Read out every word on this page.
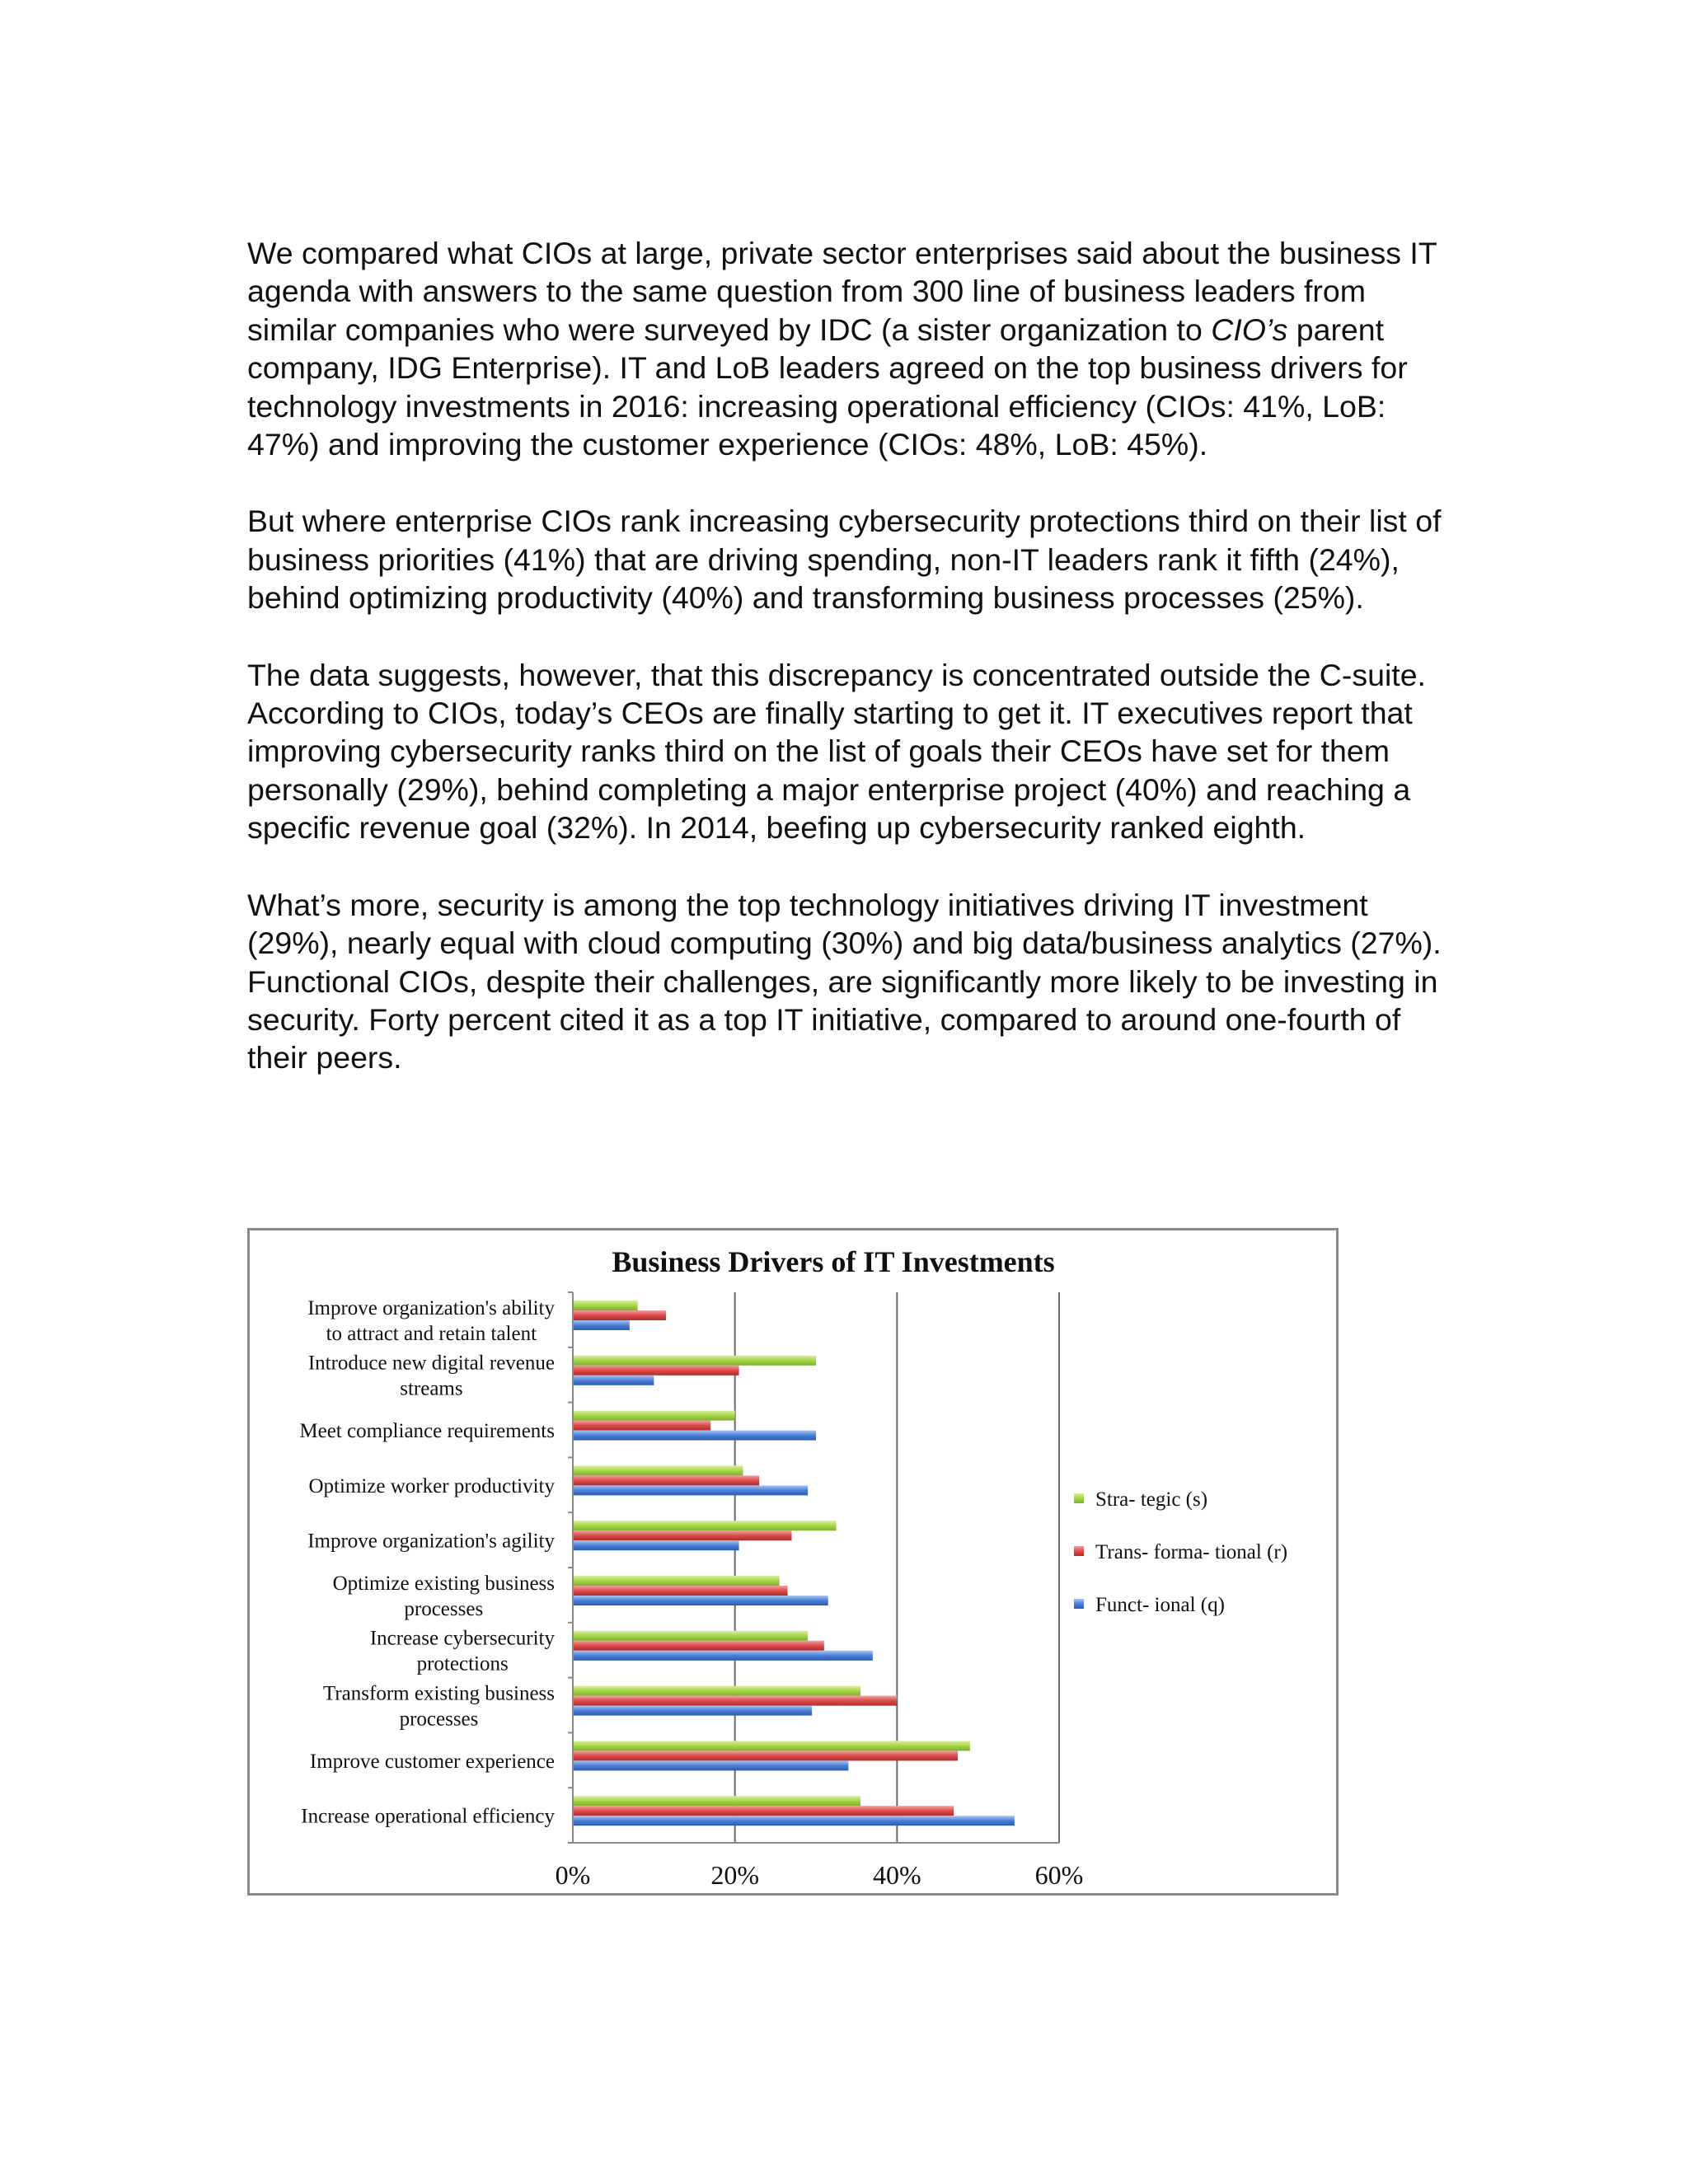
We compared what CIOs at large, private sector enterprises said about the business IT agenda with answers to the same question from 300 line of business leaders from similar companies who were surveyed by IDC (a sister organization to CIO’s parent company, IDG Enterprise). IT and LoB leaders agreed on the top business drivers for technology investments in 2016: increasing operational efficiency (CIOs: 41%, LoB: 47%) and improving the customer experience (CIOs: 48%, LoB: 45%).

But where enterprise CIOs rank increasing cybersecurity protections third on their list of business priorities (41%) that are driving spending, non-IT leaders rank it fifth (24%), behind optimizing productivity (40%) and transforming business processes (25%).

The data suggests, however, that this discrepancy is concentrated outside the C-suite. According to CIOs, today’s CEOs are finally starting to get it. IT executives report that improving cybersecurity ranks third on the list of goals their CEOs have set for them personally (29%), behind completing a major enterprise project (40%) and reaching a specific revenue goal (32%). In 2014, beefing up cybersecurity ranked eighth.

What’s more, security is among the top technology initiatives driving IT investment (29%), nearly equal with cloud computing (30%) and big data/business analytics (27%). Functional CIOs, despite their challenges, are significantly more likely to be investing in security. Forty percent cited it as a top IT initiative, compared to around one-fourth of their peers.

Business Drivers of IT Investments
0%	20%	40%	60%
Improve organization's ability
to attract and retain talent
Introduce new digital revenue
streams
Meet compliance requirements
Optimize worker productivity
Improve organization's agility
Optimize existing business
processes
Increase cybersecurity
protections
Transform existing business
processes
Improve customer experience
Increase operational efficiency
Stra- tegic (s)
Trans- forma- tional (r)
Funct- ional (q)
